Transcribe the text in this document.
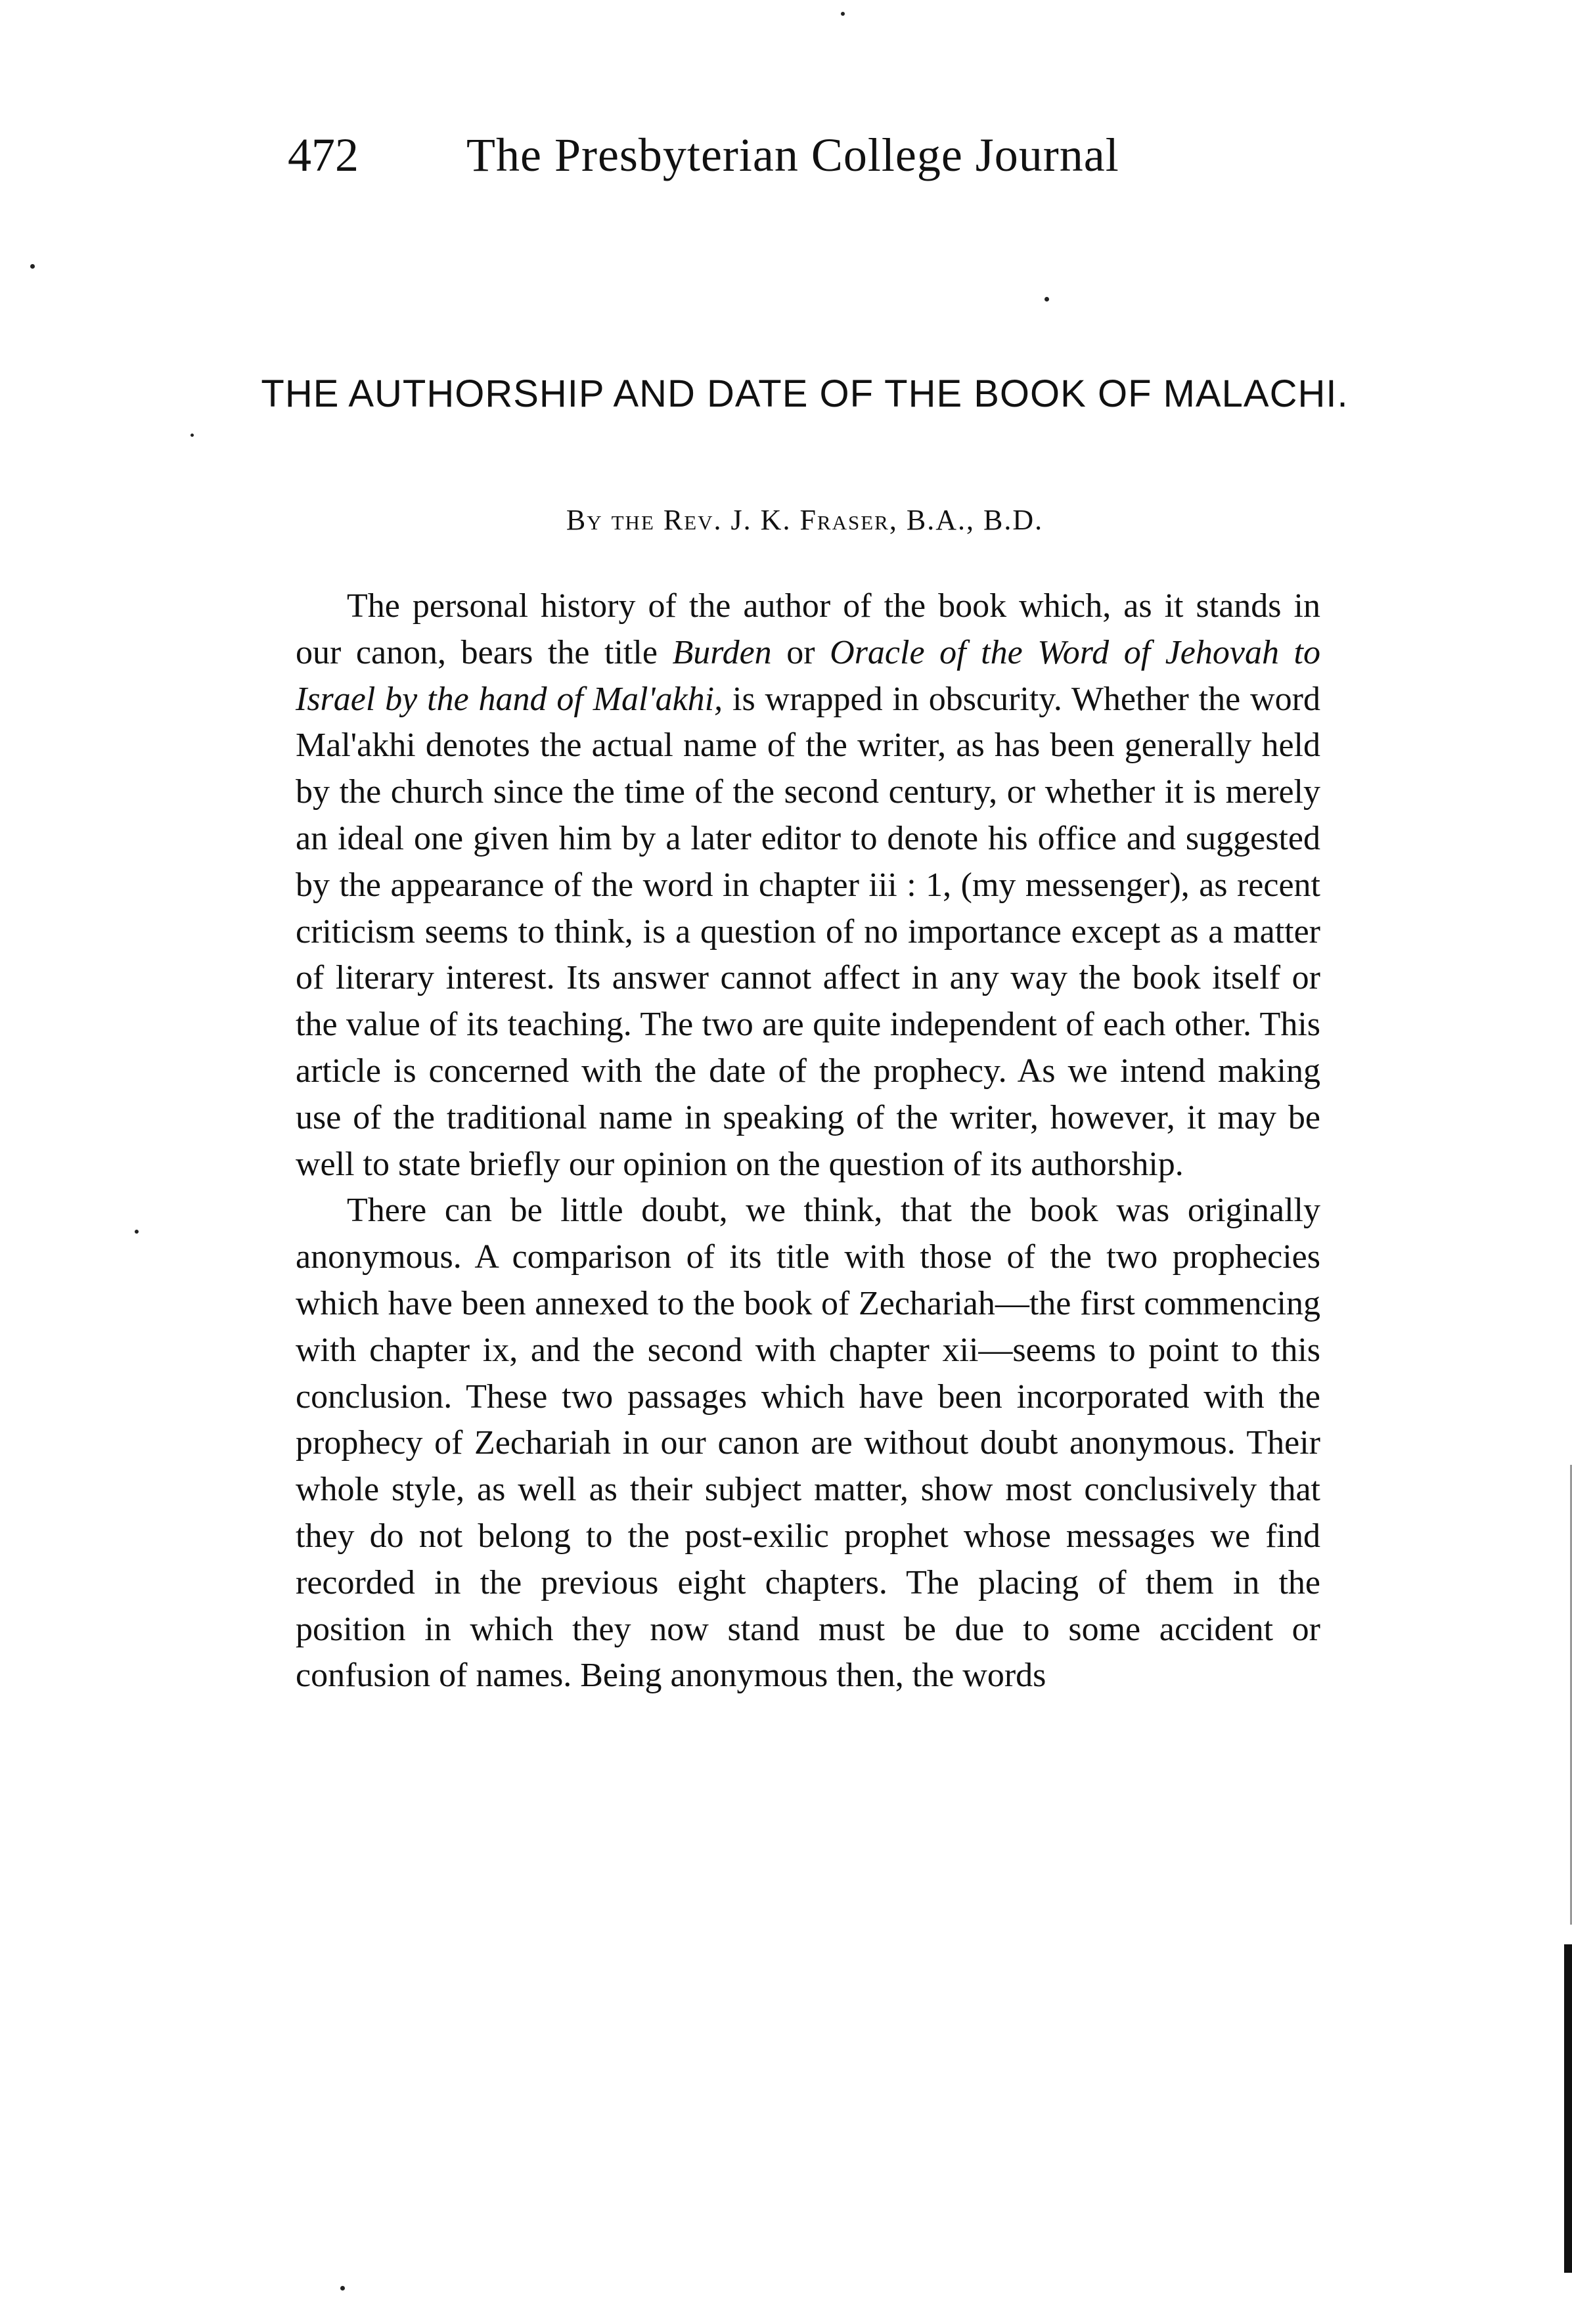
472 The Presbyterian College Journal
THE AUTHORSHIP AND DATE OF THE BOOK OF MALACHI.
By the Rev. J. K. Fraser, B.A., B.D.

The personal history of the author of the book which, as it stands in our canon, bears the title Burden or Oracle of the Word of Jehovah to Israel by the hand of Mal'akhi, is wrapped in obscurity. Whether the word Mal'akhi denotes the actual name of the writer, as has been generally held by the church since the time of the second century, or whether it is merely an ideal one given him by a later editor to denote his office and suggested by the appearance of the word in chapter iii : 1, (my messenger), as recent criticism seems to think, is a question of no importance except as a matter of literary interest. Its answer cannot affect in any way the book itself or the value of its teaching. The two are quite independent of each other. This article is concerned with the date of the prophecy. As we intend making use of the traditional name in speaking of the writer, however, it may be well to state briefly our opinion on the question of its authorship.

There can be little doubt, we think, that the book was originally anonymous. A comparison of its title with those of the two prophecies which have been annexed to the book of Zechariah—the first commencing with chapter ix, and the second with chapter xii—seems to point to this conclusion. These two passages which have been incorporated with the prophecy of Zechariah in our canon are without doubt anonymous. Their whole style, as well as their subject matter, show most conclusively that they do not belong to the post-exilic prophet whose messages we find recorded in the previous eight chapters. The placing of them in the position in which they now stand must be due to some accident or confusion of names. Being anonymous then, the words
